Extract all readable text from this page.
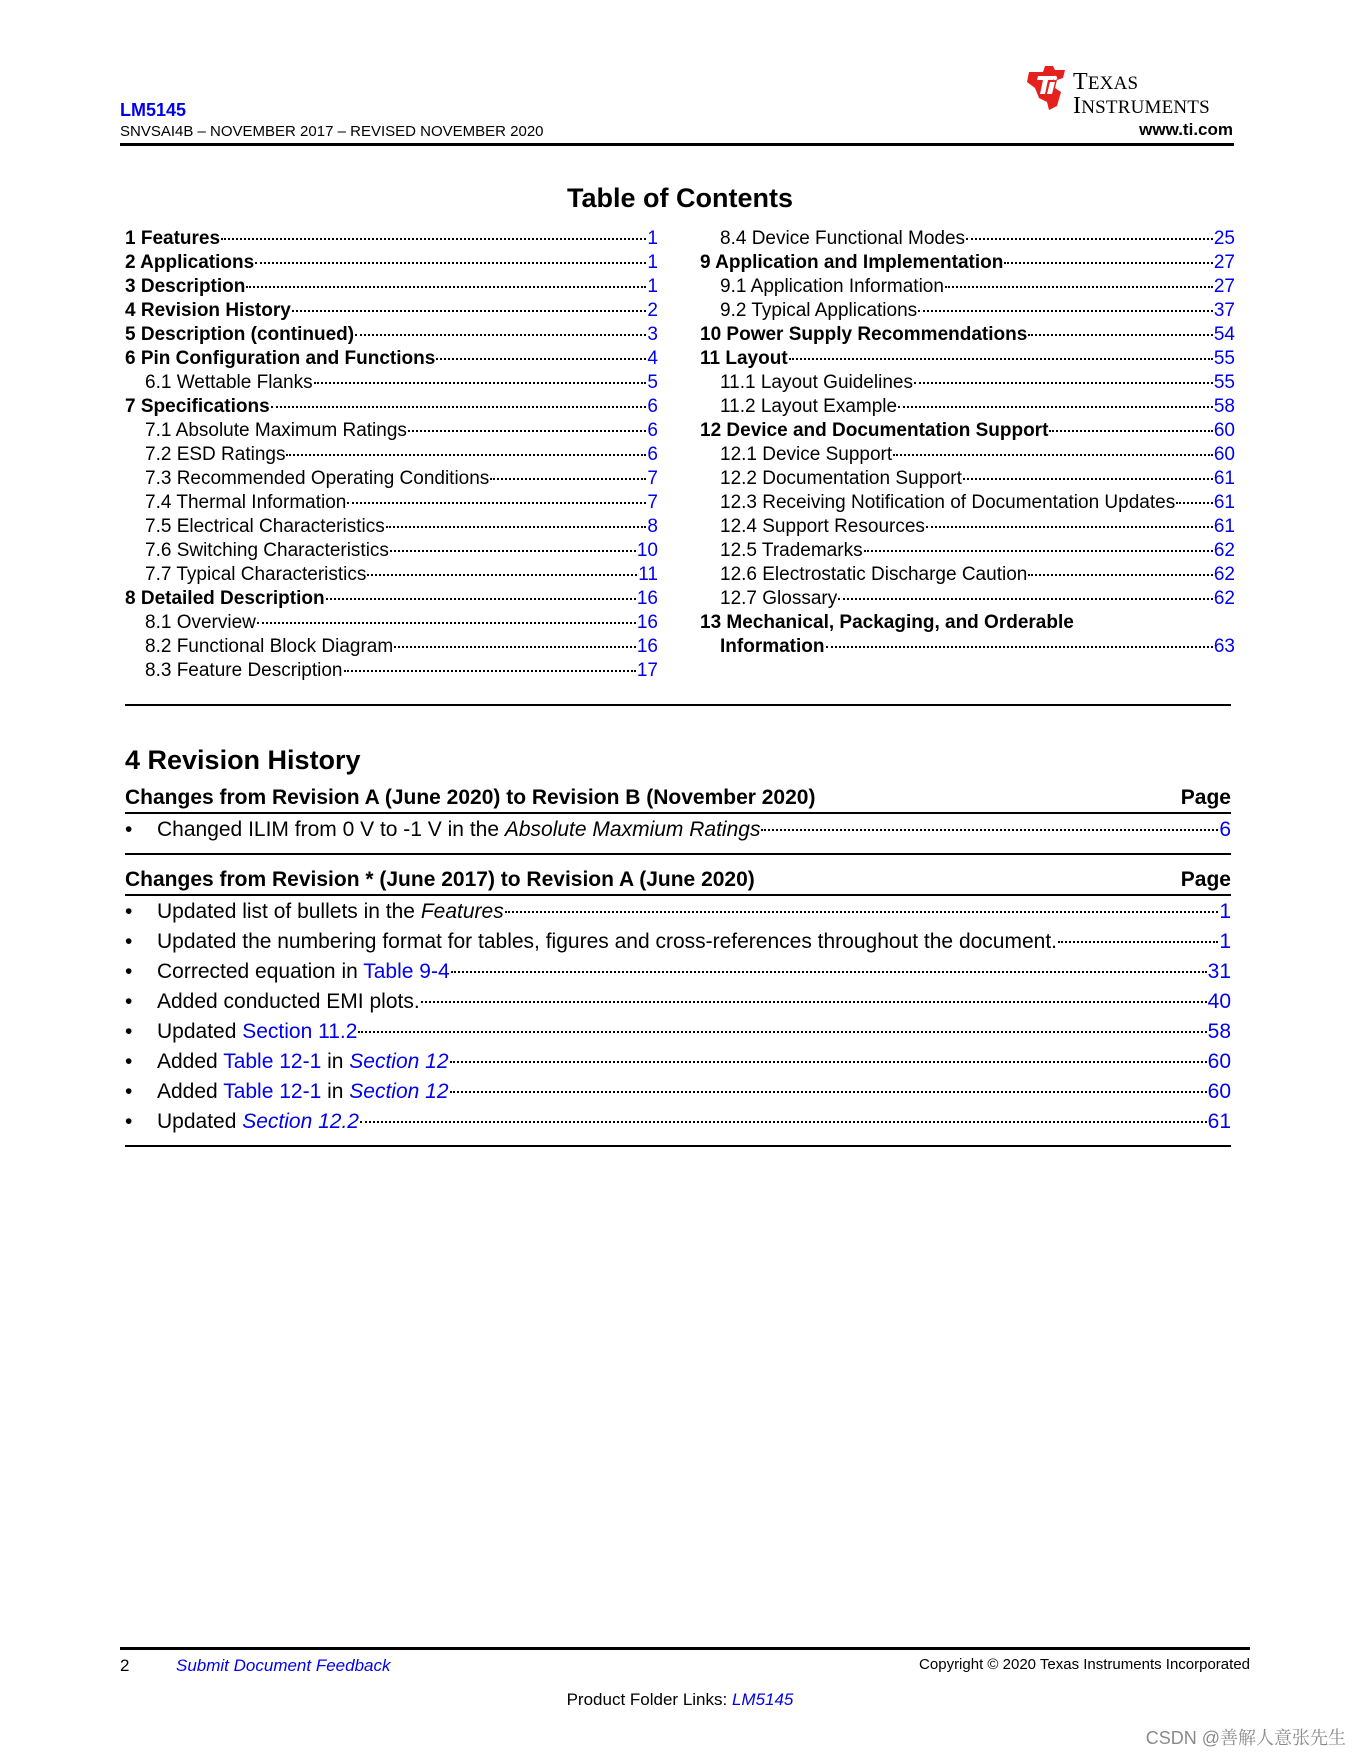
LM5145
SNVSAI4B – NOVEMBER 2017 – REVISED NOVEMBER 2020	www.ti.com
TEXAS
INSTRUMENTS
Table of Contents
1 Features	1
2 Applications	1
3 Description	1
4 Revision History	2
5 Description (continued)	3
6 Pin Configuration and Functions	4
6.1 Wettable Flanks	5
7 Specifications	6
7.1 Absolute Maximum Ratings	6
7.2 ESD Ratings	6
7.3 Recommended Operating Conditions	7
7.4 Thermal Information	7
7.5 Electrical Characteristics	8
7.6 Switching Characteristics	10
7.7 Typical Characteristics	11
8 Detailed Description	16
8.1 Overview	16
8.2 Functional Block Diagram	16
8.3 Feature Description	17
8.4 Device Functional Modes	25
9 Application and Implementation	27
9.1 Application Information	27
9.2 Typical Applications	37
10 Power Supply Recommendations	54
11 Layout	55
11.1 Layout Guidelines	55
11.2 Layout Example	58
12 Device and Documentation Support	60
12.1 Device Support	60
12.2 Documentation Support	61
12.3 Receiving Notification of Documentation Updates 61
12.4 Support Resources	61
12.5 Trademarks	62
12.6 Electrostatic Discharge Caution	62
12.7 Glossary	62
13 Mechanical, Packaging, and Orderable
Information	63
4 Revision History
Changes from Revision A (June 2020) to Revision B (November 2020)	Page
•	Changed ILIM from 0 V to -1 V in the Absolute Maxmium Ratings	6
Changes from Revision * (June 2017) to Revision A (June 2020)	Page
•	Updated list of bullets in the Features	1
•	Updated the numbering format for tables, figures and cross-references throughout the document.	1
•	Corrected equation in Table 9-4	31
•	Added conducted EMI plots.	40
•	Updated Section 11.2	58
•	Added Table 12-1 in Section 12	60
•	Added Table 12-1 in Section 12	60
•	Updated Section 12.2	61
2	Submit Document Feedback	Copyright © 2020 Texas Instruments Incorporated
Product Folder Links: LM5145
CSDN @善解人意张先生
